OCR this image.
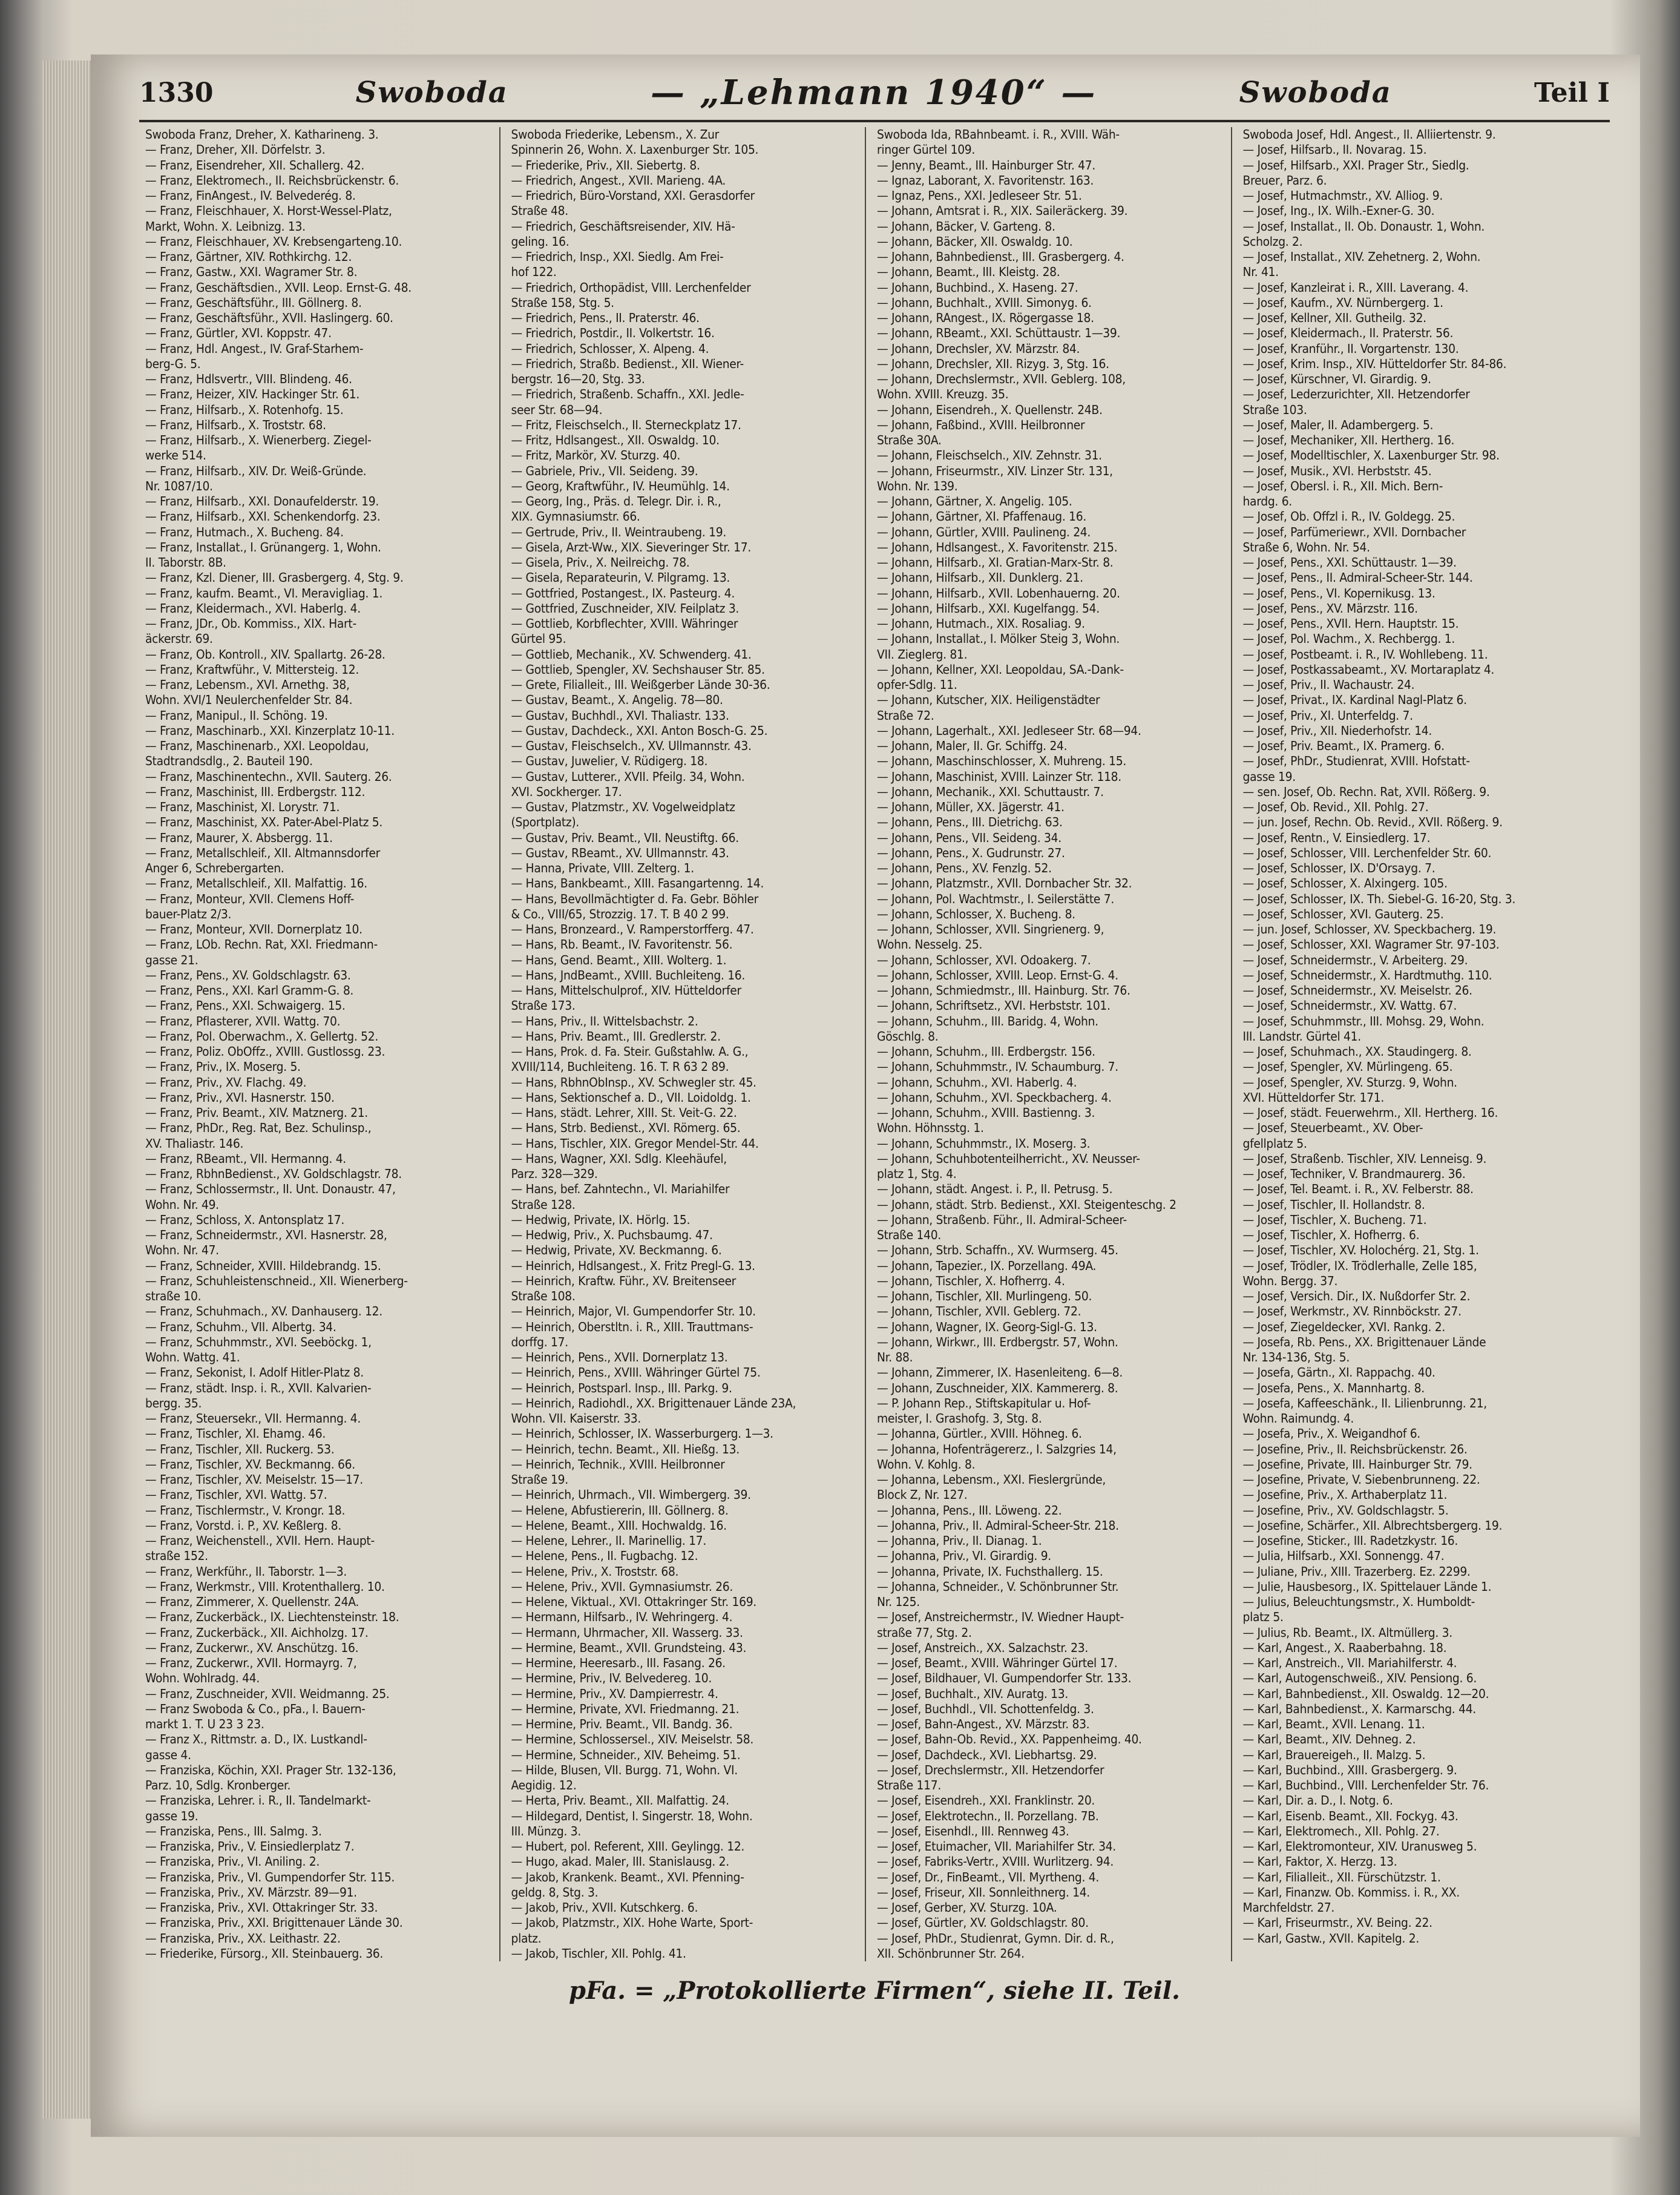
1330	Swoboda	— „Lehmann 1940“ —	Swoboda	Teil I
Swoboda Franz, Dreher, X. Katharineng. 3.
— Franz, Dreher, XII. Dörfelstr. 3.
— Franz, Eisendreher, XII. Schallerg. 42.
— Franz, Elektromech., II. Reichsbrückenstr. 6.
— Franz, FinAngest., IV. Belvederég. 8.
— Franz, Fleischhauer, X. Horst-Wessel-Platz,
Markt, Wohn. X. Leibnizg. 13.
— Franz, Fleischhauer, XV. Krebsengarteng.10.
— Franz, Gärtner, XIV. Rothkirchg. 12.
— Franz, Gastw., XXI. Wagramer Str. 8.
— Franz, Geschäftsdien., XVII. Leop. Ernst-G. 48.
— Franz, Geschäftsführ., III. Göllnerg. 8.
— Franz, Geschäftsführ., XVII. Haslingerg. 60.
— Franz, Gürtler, XVI. Koppstr. 47.
— Franz, Hdl. Angest., IV. Graf-Starhem-
berg-G. 5.
— Franz, Hdlsvertr., VIII. Blindeng. 46.
— Franz, Heizer, XIV. Hackinger Str. 61.
— Franz, Hilfsarb., X. Rotenhofg. 15.
— Franz, Hilfsarb., X. Troststr. 68.
— Franz, Hilfsarb., X. Wienerberg. Ziegel-
werke 514.
— Franz, Hilfsarb., XIV. Dr. Weiß-Gründe.
Nr. 1087/10.
— Franz, Hilfsarb., XXI. Donaufelderstr. 19.
— Franz, Hilfsarb., XXI. Schenkendorfg. 23.
— Franz, Hutmach., X. Bucheng. 84.
— Franz, Installat., I. Grünangerg. 1, Wohn.
II. Taborstr. 8B.
— Franz, Kzl. Diener, III. Grasbergerg. 4, Stg. 9.
— Franz, kaufm. Beamt., VI. Meravigliag. 1.
— Franz, Kleidermach., XVI. Haberlg. 4.
— Franz, JDr., Ob. Kommiss., XIX. Hart-
äckerstr. 69.
— Franz, Ob. Kontroll., XIV. Spallartg. 26-28.
— Franz, Kraftwführ., V. Mittersteig. 12.
— Franz, Lebensm., XVI. Arnethg. 38,
Wohn. XVI/1 Neulerchenfelder Str. 84.
— Franz, Manipul., II. Schöng. 19.
— Franz, Maschinarb., XXI. Kinzerplatz 10-11.
— Franz, Maschinenarb., XXI. Leopoldau,
Stadtrandsdlg., 2. Bauteil 190.
— Franz, Maschinentechn., XVII. Sauterg. 26.
— Franz, Maschinist, III. Erdbergstr. 112.
— Franz, Maschinist, XI. Lorystr. 71.
— Franz, Maschinist, XX. Pater-Abel-Platz 5.
— Franz, Maurer, X. Absbergg. 11.
— Franz, Metallschleif., XII. Altmannsdorfer
Anger 6, Schrebergarten.
— Franz, Metallschleif., XII. Malfattig. 16.
— Franz, Monteur, XVII. Clemens Hoff-
bauer-Platz 2/3.
— Franz, Monteur, XVII. Dornerplatz 10.
— Franz, LOb. Rechn. Rat, XXI. Friedmann-
gasse 21.
— Franz, Pens., XV. Goldschlagstr. 63.
— Franz, Pens., XXI. Karl Gramm-G. 8.
— Franz, Pens., XXI. Schwaigerg. 15.
— Franz, Pflasterer, XVII. Wattg. 70.
— Franz, Pol. Oberwachm., X. Gellertg. 52.
— Franz, Poliz. ObOffz., XVIII. Gustlossg. 23.
— Franz, Priv., IX. Moserg. 5.
— Franz, Priv., XV. Flachg. 49.
— Franz, Priv., XVI. Hasnerstr. 150.
— Franz, Priv. Beamt., XIV. Matznerg. 21.
— Franz, PhDr., Reg. Rat, Bez. Schulinsp.,
XV. Thaliastr. 146.
— Franz, RBeamt., VII. Hermanng. 4.
— Franz, RbhnBedienst., XV. Goldschlagstr. 78.
— Franz, Schlossermstr., II. Unt. Donaustr. 47,
Wohn. Nr. 49.
— Franz, Schloss, X. Antonsplatz 17.
— Franz, Schneidermstr., XVI. Hasnerstr. 28,
Wohn. Nr. 47.
— Franz, Schneider, XVIII. Hildebrandg. 15.
— Franz, Schuhleistenschneid., XII. Wienerberg-
straße 10.
— Franz, Schuhmach., XV. Danhauserg. 12.
— Franz, Schuhm., VII. Albertg. 34.
— Franz, Schuhmmstr., XVI. Seeböckg. 1,
Wohn. Wattg. 41.
— Franz, Sekonist, I. Adolf Hitler-Platz 8.
— Franz, städt. Insp. i. R., XVII. Kalvarien-
bergg. 35.
— Franz, Steuersekr., VII. Hermanng. 4.
— Franz, Tischler, XI. Ehamg. 46.
— Franz, Tischler, XII. Ruckerg. 53.
— Franz, Tischler, XV. Beckmanng. 66.
— Franz, Tischler, XV. Meiselstr. 15—17.
— Franz, Tischler, XVI. Wattg. 57.
— Franz, Tischlermstr., V. Krongr. 18.
— Franz, Vorstd. i. P., XV. Keßlerg. 8.
— Franz, Weichenstell., XVII. Hern. Haupt-
straße 152.
— Franz, Werkführ., II. Taborstr. 1—3.
— Franz, Werkmstr., VIII. Krotenthallerg. 10.
— Franz, Zimmerer, X. Quellenstr. 24A.
— Franz, Zuckerbäck., IX. Liechtensteinstr. 18.
— Franz, Zuckerbäck., XII. Aichholzg. 17.
— Franz, Zuckerwr., XV. Anschützg. 16.
— Franz, Zuckerwr., XVII. Hormayrg. 7,
Wohn. Wohlradg. 44.
— Franz, Zuschneider, XVII. Weidmanng. 25.
— Franz Swoboda & Co., pFa., I. Bauern-
markt 1. T. U 23 3 23.
— Franz X., Rittmstr. a. D., IX. Lustkandl-
gasse 4.
— Franziska, Köchin, XXI. Prager Str. 132-136,
Parz. 10, Sdlg. Kronberger.
— Franziska, Lehrer. i. R., II. Tandelmarkt-
gasse 19.
— Franziska, Pens., III. Salmg. 3.
— Franziska, Priv., V. Einsiedlerplatz 7.
— Franziska, Priv., VI. Aniling. 2.
— Franziska, Priv., VI. Gumpendorfer Str. 115.
— Franziska, Priv., XV. Märzstr. 89—91.
— Franziska, Priv., XVI. Ottakringer Str. 33.
— Franziska, Priv., XXI. Brigittenauer Lände 30.
— Franziska, Priv., XX. Leithastr. 22.
— Friederike, Fürsorg., XII. Steinbauerg. 36.
Swoboda Friederike, Lebensm., X. Zur
Spinnerin 26, Wohn. X. Laxenburger Str. 105.
— Friederike, Priv., XII. Siebertg. 8.
— Friedrich, Angest., XVII. Marieng. 4A.
— Friedrich, Büro-Vorstand, XXI. Gerasdorfer
Straße 48.
— Friedrich, Geschäftsreisender, XIV. Hä-
geling. 16.
— Friedrich, Insp., XXI. Siedlg. Am Frei-
hof 122.
— Friedrich, Orthopädist, VIII. Lerchenfelder
Straße 158, Stg. 5.
— Friedrich, Pens., II. Praterstr. 46.
— Friedrich, Postdir., II. Volkertstr. 16.
— Friedrich, Schlosser, X. Alpeng. 4.
— Friedrich, Straßb. Bedienst., XII. Wiener-
bergstr. 16—20, Stg. 33.
— Friedrich, Straßenb. Schaffn., XXI. Jedle-
seer Str. 68—94.
— Fritz, Fleischselch., II. Sterneckplatz 17.
— Fritz, Hdlsangest., XII. Oswaldg. 10.
— Fritz, Markör, XV. Sturzg. 40.
— Gabriele, Priv., VII. Seideng. 39.
— Georg, Kraftwführ., IV. Heumühlg. 14.
— Georg, Ing., Präs. d. Telegr. Dir. i. R.,
XIX. Gymnasiumstr. 66.
— Gertrude, Priv., II. Weintraubeng. 19.
— Gisela, Arzt-Ww., XIX. Sieveringer Str. 17.
— Gisela, Priv., X. Neilreichg. 78.
— Gisela, Reparateurin, V. Pilgramg. 13.
— Gottfried, Postangest., IX. Pasteurg. 4.
— Gottfried, Zuschneider, XIV. Feilplatz 3.
— Gottlieb, Korbflechter, XVIII. Währinger
Gürtel 95.
— Gottlieb, Mechanik., XV. Schwenderg. 41.
— Gottlieb, Spengler, XV. Sechshauser Str. 85.
— Grete, Filialleit., III. Weißgerber Lände 30-36.
— Gustav, Beamt., X. Angelig. 78—80.
— Gustav, Buchhdl., XVI. Thaliastr. 133.
— Gustav, Dachdeck., XXI. Anton Bosch-G. 25.
— Gustav, Fleischselch., XV. Ullmannstr. 43.
— Gustav, Juwelier, V. Rüdigerg. 18.
— Gustav, Lutterer., XVII. Pfeilg. 34, Wohn.
XVI. Sockherger. 17.
— Gustav, Platzmstr., XV. Vogelweidplatz
(Sportplatz).
— Gustav, Priv. Beamt., VII. Neustiftg. 66.
— Gustav, RBeamt., XV. Ullmannstr. 43.
— Hanna, Private, VIII. Zelterg. 1.
— Hans, Bankbeamt., XIII. Fasangartenng. 14.
— Hans, Bevollmächtigter d. Fa. Gebr. Böhler
& Co., VIII/65, Strozzig. 17. T. B 40 2 99.
— Hans, Bronzeard., V. Ramperstorfferg. 47.
— Hans, Rb. Beamt., IV. Favoritenstr. 56.
— Hans, Gend. Beamt., XIII. Wolterg. 1.
— Hans, JndBeamt., XVIII. Buchleiteng. 16.
— Hans, Mittelschulprof., XIV. Hütteldorfer
Straße 173.
— Hans, Priv., II. Wittelsbachstr. 2.
— Hans, Priv. Beamt., III. Gredlerstr. 2.
— Hans, Prok. d. Fa. Steir. Gußstahlw. A. G.,
XVIII/114, Buchleiteng. 16. T. R 63 2 89.
— Hans, RbhnObInsp., XV. Schwegler str. 45.
— Hans, Sektionschef a. D., VII. Loidoldg. 1.
— Hans, städt. Lehrer, XIII. St. Veit-G. 22.
— Hans, Strb. Bedienst., XVI. Römerg. 65.
— Hans, Tischler, XIX. Gregor Mendel-Str. 44.
— Hans, Wagner, XXI. Sdlg. Kleehäufel,
Parz. 328—329.
— Hans, bef. Zahntechn., VI. Mariahilfer
Straße 128.
— Hedwig, Private, IX. Hörlg. 15.
— Hedwig, Priv., X. Puchsbaumg. 47.
— Hedwig, Private, XV. Beckmanng. 6.
— Heinrich, Hdlsangest., X. Fritz Pregl-G. 13.
— Heinrich, Kraftw. Führ., XV. Breitenseer
Straße 108.
— Heinrich, Major, VI. Gumpendorfer Str. 10.
— Heinrich, Oberstltn. i. R., XIII. Trauttmans-
dorffg. 17.
— Heinrich, Pens., XVII. Dornerplatz 13.
— Heinrich, Pens., XVIII. Währinger Gürtel 75.
— Heinrich, Postsparl. Insp., III. Parkg. 9.
— Heinrich, Radiohdl., XX. Brigittenauer Lände 23A,
Wohn. VII. Kaiserstr. 33.
— Heinrich, Schlosser, IX. Wasserburgerg. 1—3.
— Heinrich, techn. Beamt., XII. Hießg. 13.
— Heinrich, Technik., XVIII. Heilbronner
Straße 19.
— Heinrich, Uhrmach., VII. Wimbergerg. 39.
— Helene, Abfustiererin, III. Göllnerg. 8.
— Helene, Beamt., XIII. Hochwaldg. 16.
— Helene, Lehrer., II. Marinellig. 17.
— Helene, Pens., II. Fugbachg. 12.
— Helene, Priv., X. Troststr. 68.
— Helene, Priv., XVII. Gymnasiumstr. 26.
— Helene, Viktual., XVI. Ottakringer Str. 169.
— Hermann, Hilfsarb., IV. Wehringerg. 4.
— Hermann, Uhrmacher, XII. Wasserg. 33.
— Hermine, Beamt., XVII. Grundsteing. 43.
— Hermine, Heeresarb., III. Fasang. 26.
— Hermine, Priv., IV. Belvedereg. 10.
— Hermine, Priv., XV. Dampierrestr. 4.
— Hermine, Private, XVI. Friedmanng. 21.
— Hermine, Priv. Beamt., VII. Bandg. 36.
— Hermine, Schlossersel., XIV. Meiselstr. 58.
— Hermine, Schneider., XIV. Beheimg. 51.
— Hilde, Blusen, VII. Burgg. 71, Wohn. VI.
Aegidig. 12.
— Herta, Priv. Beamt., XII. Malfattig. 24.
— Hildegard, Dentist, I. Singerstr. 18, Wohn.
III. Münzg. 3.
— Hubert, pol. Referent, XIII. Geylingg. 12.
— Hugo, akad. Maler, III. Stanislausg. 2.
— Jakob, Krankenk. Beamt., XVI. Pfenning-
geldg. 8, Stg. 3.
— Jakob, Priv., XVII. Kutschkerg. 6.
— Jakob, Platzmstr., XIX. Hohe Warte, Sport-
platz.
— Jakob, Tischler, XII. Pohlg. 41.
Swoboda Ida, RBahnbeamt. i. R., XVIII. Wäh-
ringer Gürtel 109.
— Jenny, Beamt., III. Hainburger Str. 47.
— Ignaz, Laborant, X. Favoritenstr. 163.
— Ignaz, Pens., XXI. Jedleseer Str. 51.
— Johann, Amtsrat i. R., XIX. Saileräckerg. 39.
— Johann, Bäcker, V. Garteng. 8.
— Johann, Bäcker, XII. Oswaldg. 10.
— Johann, Bahnbedienst., III. Grasbergerg. 4.
— Johann, Beamt., III. Kleistg. 28.
— Johann, Buchbind., X. Haseng. 27.
— Johann, Buchhalt., XVIII. Simonyg. 6.
— Johann, RAngest., IX. Rögergasse 18.
— Johann, RBeamt., XXI. Schüttaustr. 1—39.
— Johann, Drechsler, XV. Märzstr. 84.
— Johann, Drechsler, XII. Rizyg. 3, Stg. 16.
— Johann, Drechslermstr., XVII. Geblerg. 108,
Wohn. XVIII. Kreuzg. 35.
— Johann, Eisendreh., X. Quellenstr. 24B.
— Johann, Faßbind., XVIII. Heilbronner
Straße 30A.
— Johann, Fleischselch., XIV. Zehnstr. 31.
— Johann, Friseurmstr., XIV. Linzer Str. 131,
Wohn. Nr. 139.
— Johann, Gärtner, X. Angelig. 105.
— Johann, Gärtner, XI. Pfaffenaug. 16.
— Johann, Gürtler, XVIII. Paulineng. 24.
— Johann, Hdlsangest., X. Favoritenstr. 215.
— Johann, Hilfsarb., XI. Gratian-Marx-Str. 8.
— Johann, Hilfsarb., XII. Dunklerg. 21.
— Johann, Hilfsarb., XVII. Lobenhauerng. 20.
— Johann, Hilfsarb., XXI. Kugelfangg. 54.
— Johann, Hutmach., XIX. Rosaliag. 9.
— Johann, Installat., I. Mölker Steig 3, Wohn.
VII. Zieglerg. 81.
— Johann, Kellner, XXI. Leopoldau, SA.-Dank-
opfer-Sdlg. 11.
— Johann, Kutscher, XIX. Heiligenstädter
Straße 72.
— Johann, Lagerhalt., XXI. Jedleseer Str. 68—94.
— Johann, Maler, II. Gr. Schiffg. 24.
— Johann, Maschinschlosser, X. Muhreng. 15.
— Johann, Maschinist, XVIII. Lainzer Str. 118.
— Johann, Mechanik., XXI. Schuttaustr. 7.
— Johann, Müller, XX. Jägerstr. 41.
— Johann, Pens., III. Dietrichg. 63.
— Johann, Pens., VII. Seideng. 34.
— Johann, Pens., X. Gudrunstr. 27.
— Johann, Pens., XV. Fenzlg. 52.
— Johann, Platzmstr., XVII. Dornbacher Str. 32.
— Johann, Pol. Wachtmstr., I. Seilerstätte 7.
— Johann, Schlosser, X. Bucheng. 8.
— Johann, Schlosser, XVII. Singrienerg. 9,
Wohn. Nesselg. 25.
— Johann, Schlosser, XVI. Odoakerg. 7.
— Johann, Schlosser, XVIII. Leop. Ernst-G. 4.
— Johann, Schmiedmstr., III. Hainburg. Str. 76.
— Johann, Schriftsetz., XVI. Herbststr. 101.
— Johann, Schuhm., III. Baridg. 4, Wohn.
Göschlg. 8.
— Johann, Schuhm., III. Erdbergstr. 156.
— Johann, Schuhmmstr., IV. Schaumburg. 7.
— Johann, Schuhm., XVI. Haberlg. 4.
— Johann, Schuhm., XVI. Speckbacherg. 4.
— Johann, Schuhm., XVIII. Bastienng. 3.
Wohn. Höhnsstg. 1.
— Johann, Schuhmmstr., IX. Moserg. 3.
— Johann, Schuhbotenteilherricht., XV. Neusser-
platz 1, Stg. 4.
— Johann, städt. Angest. i. P., II. Petrusg. 5.
— Johann, städt. Strb. Bedienst., XXI. Steigenteschg. 2
— Johann, Straßenb. Führ., II. Admiral-Scheer-
Straße 140.
— Johann, Strb. Schaffn., XV. Wurmserg. 45.
— Johann, Tapezier., IX. Porzellang. 49A.
— Johann, Tischler, X. Hofherrg. 4.
— Johann, Tischler, XII. Murlingeng. 50.
— Johann, Tischler, XVII. Geblerg. 72.
— Johann, Wagner, IX. Georg-Sigl-G. 13.
— Johann, Wirkwr., III. Erdbergstr. 57, Wohn.
Nr. 88.
— Johann, Zimmerer, IX. Hasenleiteng. 6—8.
— Johann, Zuschneider, XIX. Kammererg. 8.
— P. Johann Rep., Stiftskapitular u. Hof-
meister, I. Grashofg. 3, Stg. 8.
— Johanna, Gürtler., XVIII. Höhneg. 6.
— Johanna, Hofenträgererz., I. Salzgries 14,
Wohn. V. Kohlg. 8.
— Johanna, Lebensm., XXI. Fieslergründe,
Block Z, Nr. 127.
— Johanna, Pens., III. Löweng. 22.
— Johanna, Priv., II. Admiral-Scheer-Str. 218.
— Johanna, Priv., II. Dianag. 1.
— Johanna, Priv., VI. Girardig. 9.
— Johanna, Private, IX. Fuchsthallerg. 15.
— Johanna, Schneider., V. Schönbrunner Str.
Nr. 125.
— Josef, Anstreichermstr., IV. Wiedner Haupt-
straße 77, Stg. 2.
— Josef, Anstreich., XX. Salzachstr. 23.
— Josef, Beamt., XVIII. Währinger Gürtel 17.
— Josef, Bildhauer, VI. Gumpendorfer Str. 133.
— Josef, Buchhalt., XIV. Auratg. 13.
— Josef, Buchhdl., VII. Schottenfeldg. 3.
— Josef, Bahn-Angest., XV. Märzstr. 83.
— Josef, Bahn-Ob. Revid., XX. Pappenheimg. 40.
— Josef, Dachdeck., XVI. Liebhartsg. 29.
— Josef, Drechslermstr., XII. Hetzendorfer
Straße 117.
— Josef, Eisendreh., XXI. Franklinstr. 20.
— Josef, Elektrotechn., II. Porzellang. 7B.
— Josef, Eisenhdl., III. Rennweg 43.
— Josef, Etuimacher, VII. Mariahilfer Str. 34.
— Josef, Fabriks-Vertr., XVIII. Wurlitzerg. 94.
— Josef, Dr., FinBeamt., VII. Myrtheng. 4.
— Josef, Friseur, XII. Sonnleithnerg. 14.
— Josef, Gerber, XV. Sturzg. 10A.
— Josef, Gürtler, XV. Goldschlagstr. 80.
— Josef, PhDr., Studienrat, Gymn. Dir. d. R.,
XII. Schönbrunner Str. 264.
Swoboda Josef, Hdl. Angest., II. Alliiertenstr. 9.
— Josef, Hilfsarb., II. Novarag. 15.
— Josef, Hilfsarb., XXI. Prager Str., Siedlg.
Breuer, Parz. 6.
— Josef, Hutmachmstr., XV. Alliog. 9.
— Josef, Ing., IX. Wilh.-Exner-G. 30.
— Josef, Installat., II. Ob. Donaustr. 1, Wohn.
Scholzg. 2.
— Josef, Installat., XIV. Zehetnerg. 2, Wohn.
Nr. 41.
— Josef, Kanzleirat i. R., XIII. Laverang. 4.
— Josef, Kaufm., XV. Nürnbergerg. 1.
— Josef, Kellner, XII. Gutheilg. 32.
— Josef, Kleidermach., II. Praterstr. 56.
— Josef, Kranführ., II. Vorgartenstr. 130.
— Josef, Krim. Insp., XIV. Hütteldorfer Str. 84-86.
— Josef, Kürschner, VI. Girardig. 9.
— Josef, Lederzurichter, XII. Hetzendorfer
Straße 103.
— Josef, Maler, II. Adambergerg. 5.
— Josef, Mechaniker, XII. Hertherg. 16.
— Josef, Modelltischler, X. Laxenburger Str. 98.
— Josef, Musik., XVI. Herbststr. 45.
— Josef, Obersl. i. R., XII. Mich. Bern-
hardg. 6.
— Josef, Ob. Offzl i. R., IV. Goldegg. 25.
— Josef, Parfümeriewr., XVII. Dornbacher
Straße 6, Wohn. Nr. 54.
— Josef, Pens., XXI. Schüttaustr. 1—39.
— Josef, Pens., II. Admiral-Scheer-Str. 144.
— Josef, Pens., VI. Kopernikusg. 13.
— Josef, Pens., XV. Märzstr. 116.
— Josef, Pens., XVII. Hern. Hauptstr. 15.
— Josef, Pol. Wachm., X. Rechbergg. 1.
— Josef, Postbeamt. i. R., IV. Wohllebeng. 11.
— Josef, Postkassabeamt., XV. Mortaraplatz 4.
— Josef, Priv., II. Wachaustr. 24.
— Josef, Privat., IX. Kardinal Nagl-Platz 6.
— Josef, Priv., XI. Unterfeldg. 7.
— Josef, Priv., XII. Niederhofstr. 14.
— Josef, Priv. Beamt., IX. Pramerg. 6.
— Josef, PhDr., Studienrat, XVIII. Hofstatt-
gasse 19.
— sen. Josef, Ob. Rechn. Rat, XVII. Rößerg. 9.
— Josef, Ob. Revid., XII. Pohlg. 27.
— jun. Josef, Rechn. Ob. Revid., XVII. Rößerg. 9.
— Josef, Rentn., V. Einsiedlerg. 17.
— Josef, Schlosser, VIII. Lerchenfelder Str. 60.
— Josef, Schlosser, IX. D'Orsayg. 7.
— Josef, Schlosser, X. Alxingerg. 105.
— Josef, Schlosser, IX. Th. Siebel-G. 16-20, Stg. 3.
— Josef, Schlosser, XVI. Gauterg. 25.
— jun. Josef, Schlosser, XV. Speckbacherg. 19.
— Josef, Schlosser, XXI. Wagramer Str. 97-103.
— Josef, Schneidermstr., V. Arbeiterg. 29.
— Josef, Schneidermstr., X. Hardtmuthg. 110.
— Josef, Schneidermstr., XV. Meiselstr. 26.
— Josef, Schneidermstr., XV. Wattg. 67.
— Josef, Schuhmmstr., III. Mohsg. 29, Wohn.
III. Landstr. Gürtel 41.
— Josef, Schuhmach., XX. Staudingerg. 8.
— Josef, Spengler, XV. Mürlingeng. 65.
— Josef, Spengler, XV. Sturzg. 9, Wohn.
XVI. Hütteldorfer Str. 171.
— Josef, städt. Feuerwehrm., XII. Hertherg. 16.
— Josef, Steuerbeamt., XV. Ober-
gfellplatz 5.
— Josef, Straßenb. Tischler, XIV. Lenneisg. 9.
— Josef, Techniker, V. Brandmaurerg. 36.
— Josef, Tel. Beamt. i. R., XV. Felberstr. 88.
— Josef, Tischler, II. Hollandstr. 8.
— Josef, Tischler, X. Bucheng. 71.
— Josef, Tischler, X. Hofherrg. 6.
— Josef, Tischler, XV. Holochérg. 21, Stg. 1.
— Josef, Trödler, IX. Trödlerhalle, Zelle 185,
Wohn. Bergg. 37.
— Josef, Versich. Dir., IX. Nußdorfer Str. 2.
— Josef, Werkmstr., XV. Rinnböckstr. 27.
— Josef, Ziegeldecker, XVI. Rankg. 2.
— Josefa, Rb. Pens., XX. Brigittenauer Lände
Nr. 134-136, Stg. 5.
— Josefa, Gärtn., XI. Rappachg. 40.
— Josefa, Pens., X. Mannhartg. 8.
— Josefa, Kaffeeschänk., II. Lilienbrunng. 21,
Wohn. Raimundg. 4.
— Josefa, Priv., X. Weigandhof 6.
— Josefine, Priv., II. Reichsbrückenstr. 26.
— Josefine, Private, III. Hainburger Str. 79.
— Josefine, Private, V. Siebenbrunneng. 22.
— Josefine, Priv., X. Arthaberplatz 11.
— Josefine, Priv., XV. Goldschlagstr. 5.
— Josefine, Schärfer., XII. Albrechtsbergerg. 19.
— Josefine, Sticker., III. Radetzkystr. 16.
— Julia, Hilfsarb., XXI. Sonnengg. 47.
— Juliane, Priv., XIII. Trazerberg. Ez. 2299.
— Julie, Hausbesorg., IX. Spittelauer Lände 1.
— Julius, Beleuchtungsmstr., X. Humboldt-
platz 5.
— Julius, Rb. Beamt., IX. Altmüllerg. 3.
— Karl, Angest., X. Raaberbahng. 18.
— Karl, Anstreich., VII. Mariahilferstr. 4.
— Karl, Autogenschweiß., XIV. Pensiong. 6.
— Karl, Bahnbedienst., XII. Oswaldg. 12—20.
— Karl, Bahnbedienst., X. Karmarschg. 44.
— Karl, Beamt., XVII. Lenang. 11.
— Karl, Beamt., XIV. Dehneg. 2.
— Karl, Brauereigeh., II. Malzg. 5.
— Karl, Buchbind., XIII. Grasbergerg. 9.
— Karl, Buchbind., VIII. Lerchenfelder Str. 76.
— Karl, Dir. a. D., I. Notg. 6.
— Karl, Eisenb. Beamt., XII. Fockyg. 43.
— Karl, Elektromech., XII. Pohlg. 27.
— Karl, Elektromonteur, XIV. Uranusweg 5.
— Karl, Faktor, X. Herzg. 13.
— Karl, Filialleit., XII. Fürschützstr. 1.
— Karl, Finanzw. Ob. Kommiss. i. R., XX.
Marchfeldstr. 27.
— Karl, Friseurmstr., XV. Being. 22.
— Karl, Gastw., XVII. Kapitelg. 2.
pFa. = „Protokollierte Firmen“, siehe II. Teil.
